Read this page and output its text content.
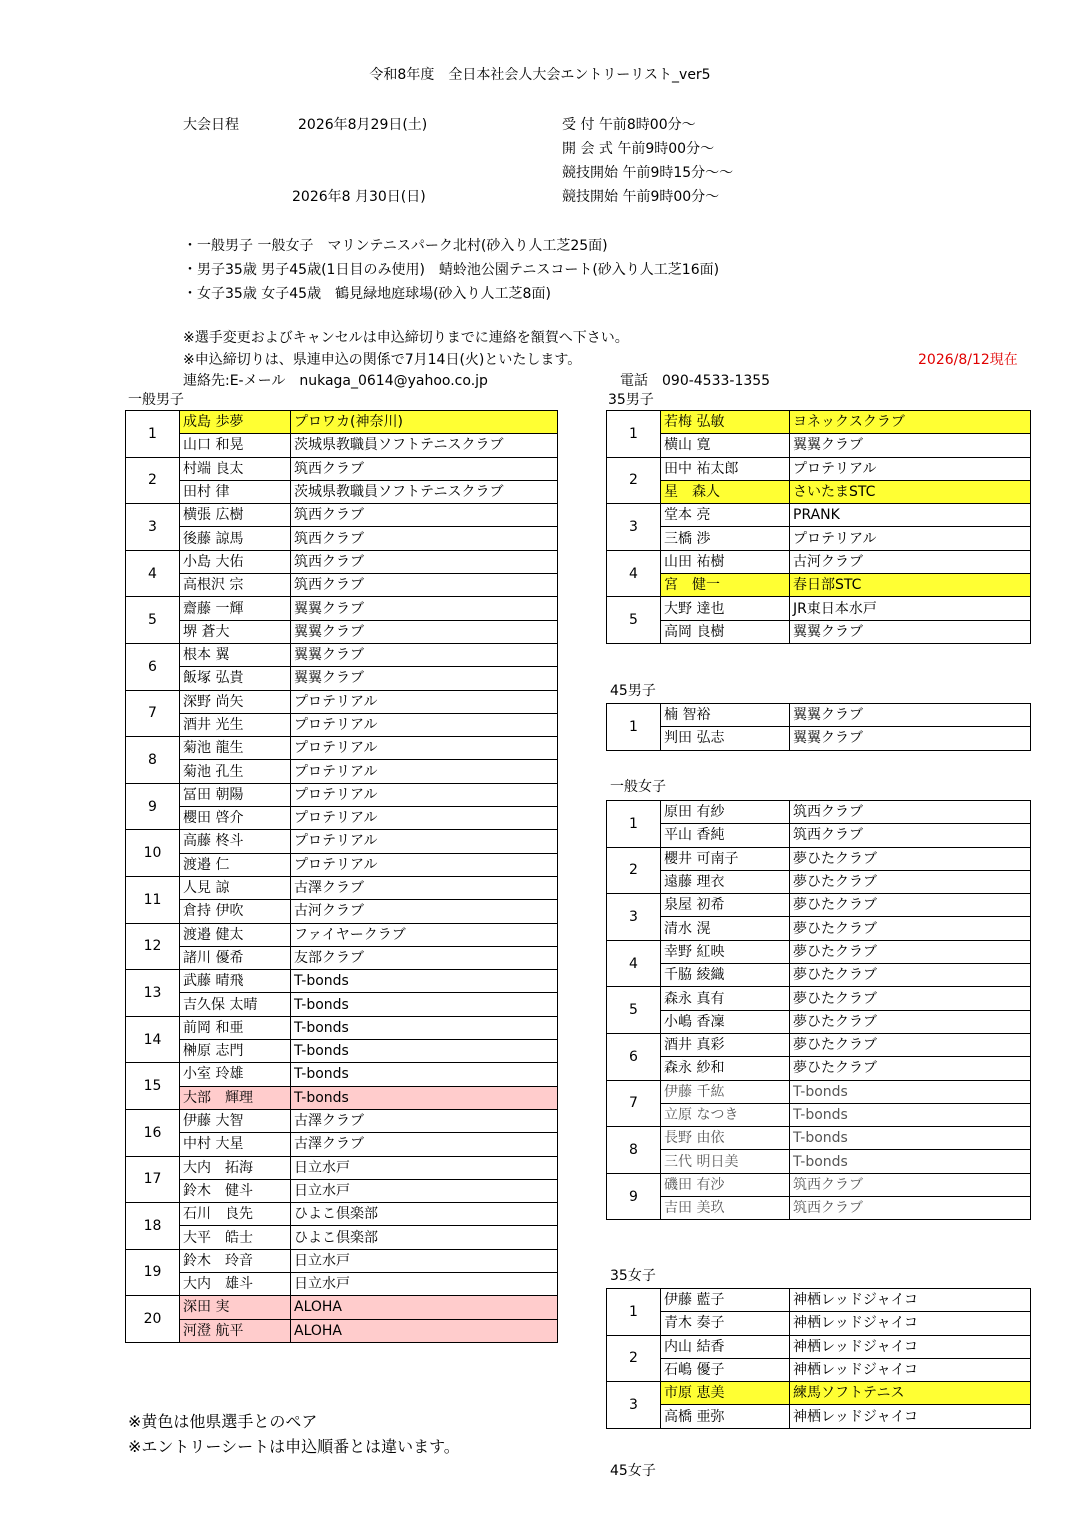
令和8年度　全日本社会人大会エントリーリスト_ver5
大会日程	2026年8月29日(土)	受 付 午前8時00分～
開 会 式 午前9時00分～
競技開始 午前9時15分～～
2026年8 月30日(日)	競技開始 午前9時00分～
・一般男子 一般女子　マリンテニスパーク北村(砂入り人工芝25面)
・男子35歳 男子45歳(1日目のみ使用)　蜻蛉池公園テニスコート(砂入り人工芝16面)
・女子35歳 女子45歳　鶴見緑地庭球場(砂入り人工芝8面)
※選手変更およびキャンセルは申込締切りまでに連絡を額賀へ下さい。
※申込締切りは、県連申込の関係で7月14日(火)といたします。	2026/8/12現在
連絡先:E-メール　nukaga_0614@yahoo.co.jp	電話　090-4533-1355
一般男子
1	成島 歩夢	プロワカ(神奈川)
	山口 和晃	茨城県教職員ソフトテニスクラブ
2	村端 良太	筑西クラブ
	田村 律	茨城県教職員ソフトテニスクラブ
3	横張 広樹	筑西クラブ
	後藤 諒馬	筑西クラブ
4	小島 大佑	筑西クラブ
	高根沢 宗	筑西クラブ
5	齋藤 一輝	翼翼クラブ
	堺 蒼大	翼翼クラブ
6	根本 翼	翼翼クラブ
	飯塚 弘貴	翼翼クラブ
7	深野 尚矢	プロテリアル
	酒井 光生	プロテリアル
8	菊池 龍生	プロテリアル
	菊池 孔生	プロテリアル
9	冨田 朝陽	プロテリアル
	櫻田 啓介	プロテリアル
10	高藤 柊斗	プロテリアル
	渡邉 仁	プロテリアル
11	人見 諒	古澤クラブ
	倉持 伊吹	古河クラブ
12	渡邉 健太	ファイヤークラブ
	諸川 優希	友部クラブ
13	武藤 晴飛	T-bonds
	吉久保 太晴	T-bonds
14	前岡 和亜	T-bonds
	榊原 志門	T-bonds
15	小室 玲雄	T-bonds
	大部　輝理	T-bonds
16	伊藤 大智	古澤クラブ
	中村 大星	古澤クラブ
17	大内　拓海	日立水戸
	鈴木　健斗	日立水戸
18	石川　良先	ひよこ倶楽部
	大平　皓士	ひよこ倶楽部
19	鈴木　玲音	日立水戸
	大内　雄斗	日立水戸
20	深田 実	ALOHA
	河澄 航平	ALOHA
35男子
1	若梅 弘敏	ヨネックスクラブ
	横山 寛	翼翼クラブ
2	田中 祐太郎	プロテリアル
	星　森人	さいたまSTC
3	堂本 亮	PRANK
	三橋 渉	プロテリアル
4	山田 祐樹	古河クラブ
	宮　健一	春日部STC
5	大野 達也	JR東日本水戸
	高岡 良樹	翼翼クラブ
45男子
1	楠 智裕	翼翼クラブ
	判田 弘志	翼翼クラブ
一般女子
1	原田 有紗	筑西クラブ
	平山 香純	筑西クラブ
2	櫻井 可南子	夢ひたクラブ
	遠藤 理衣	夢ひたクラブ
3	泉屋 初希	夢ひたクラブ
	清水 滉	夢ひたクラブ
4	幸野 紅映	夢ひたクラブ
	千脇 綾織	夢ひたクラブ
5	森永 真有	夢ひたクラブ
	小嶋 香凜	夢ひたクラブ
6	酒井 真彩	夢ひたクラブ
	森永 紗和	夢ひたクラブ
7	伊藤 千紘	T-bonds
	立原 なつき	T-bonds
8	長野 由依	T-bonds
	三代 明日美	T-bonds
9	磯田 有沙	筑西クラブ
	吉田 美玖	筑西クラブ
35女子
1	伊藤 藍子	神栖レッドジャイコ
	青木 奏子	神栖レッドジャイコ
2	内山 結香	神栖レッドジャイコ
	石嶋 優子	神栖レッドジャイコ
3	市原 恵美	練馬ソフトテニス
	高橋 亜弥	神栖レッドジャイコ
45女子
※黄色は他県選手とのペア
※エントリーシートは申込順番とは違います。
